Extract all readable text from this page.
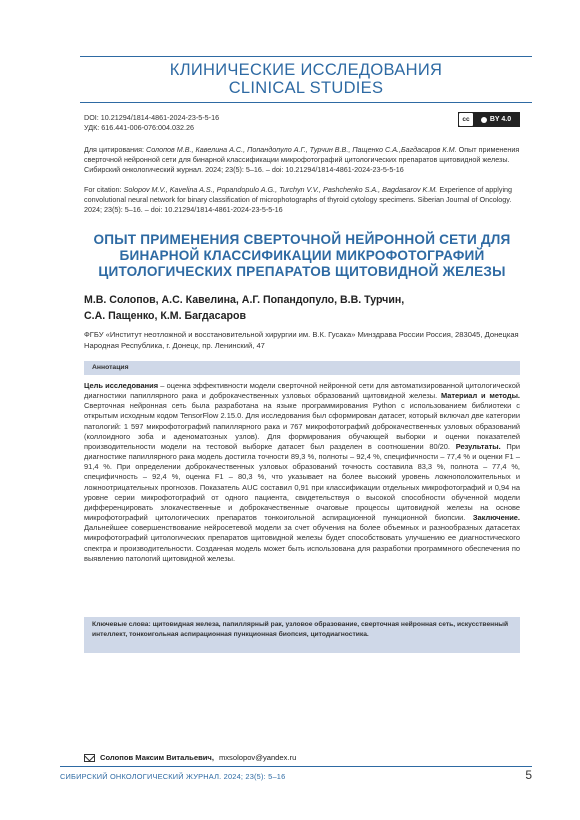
КЛИНИЧЕСКИЕ ИССЛЕДОВАНИЯ
CLINICAL STUDIES
DOI: 10.21294/1814-4861-2024-23-5-5-16
УДК: 616.441-006-076:004.032.26
cc	BY 4.0
Для цитирования: Солопов М.В., Кавелина А.С., Попандопуло А.Г., Турчин В.В., Пащенко С.А.,Багдасаров К.М. Опыт применения сверточной нейронной сети для бинарной классификации микрофотографий цитологических препаратов щитовидной железы. Сибирский онкологический журнал. 2024; 23(5): 5–16. – doi: 10.21294/1814-4861-2024-23-5-5-16
For citation: Solopov M.V., Kavelina A.S., Popandopulo A.G., Turchyn V.V., Pashchenko S.A., Bagdasarov K.M. Experience of applying convolutional neural network for binary classification of microphotographs of thyroid cytology specimens. Siberian Journal of Oncology. 2024; 23(5): 5–16. – doi: 10.21294/1814-4861-2024-23-5-5-16
ОПЫТ ПРИМЕНЕНИЯ СВЕРТОЧНОЙ НЕЙРОННОЙ СЕТИ ДЛЯ БИНАРНОЙ КЛАССИФИКАЦИИ МИКРОФОТОГРАФИЙ ЦИТОЛОГИЧЕСКИХ ПРЕПАРАТОВ ЩИТОВИДНОЙ ЖЕЛЕЗЫ
М.В. Солопов, А.С. Кавелина, А.Г. Попандопуло, В.В. Турчин,
С.А. Пащенко, К.М. Багдасаров
ФГБУ «Институт неотложной и восстановительной хирургии им. В.К. Гусака» Минздрава России Россия, 283045, Донецкая Народная Республика, г. Донецк, пр. Ленинский, 47
Аннотация
Цель исследования – оценка эффективности модели сверточной нейронной сети для автоматизированной цитологической диагностики папиллярного рака и доброкачественных узловых образований щитовидной железы. Материал и методы. Сверточная нейронная сеть была разработана на языке программирования Python с использованием библиотеки с открытым исходным кодом TensorFlow 2.15.0. Для исследования был сформирован датасет, который включал две категории патологий: 1 597 микрофотографий папиллярного рака и 767 микрофотографий доброкачественных узловых образований (коллоидного зоба и аденоматозных узлов). Для формирования обучающей выборки и оценки показателей производительности модели на тестовой выборке датасет был разделен в соотношении 80/20. Результаты. При диагностике папиллярного рака модель достигла точности 89,3 %, полноты – 92,4 %, специфичности – 77,4 % и оценки F1 – 91,4 %. При определении доброкачественных узловых образований точность составила 83,3 %, полнота – 77,4 %, специфичность – 92,4 %, оценка F1 – 80,3 %, что указывает на более высокий уровень ложноположительных и ложноотрицательных прогнозов. Показатель AUC составил 0,91 при классификации отдельных микрофотографий и 0,94 на уровне серии микрофотографий от одного пациента, свидетельствуя о высокой способности обученной модели дифференцировать злокачественные и доброкачественные очаговые процессы щитовидной железы на основе микрофотографий цитологических препаратов тонкоигольной аспирационной пункционной биопсии. Заключение. Дальнейшее совершенствование нейросетевой модели за счет обучения на более объемных и разнообразных датасетах микрофотографий цитологических препаратов щитовидной железы будет способствовать улучшению ее диагностического спектра и производительности. Созданная модель может быть использована для разработки программного обеспечения по выявлению патологий щитовидной железы.
Ключевые слова: щитовидная железа, папиллярный рак, узловое образование, сверточная нейронная сеть, искусственный интеллект, тонкоигольная аспирационная пункционная биопсия, цитодиагностика.
Солопов Максим Витальевич, mxsolopov@yandex.ru
СИБИРСКИЙ ОНКОЛОГИЧЕСКИЙ ЖУРНАЛ. 2024; 23(5): 5–16	5
